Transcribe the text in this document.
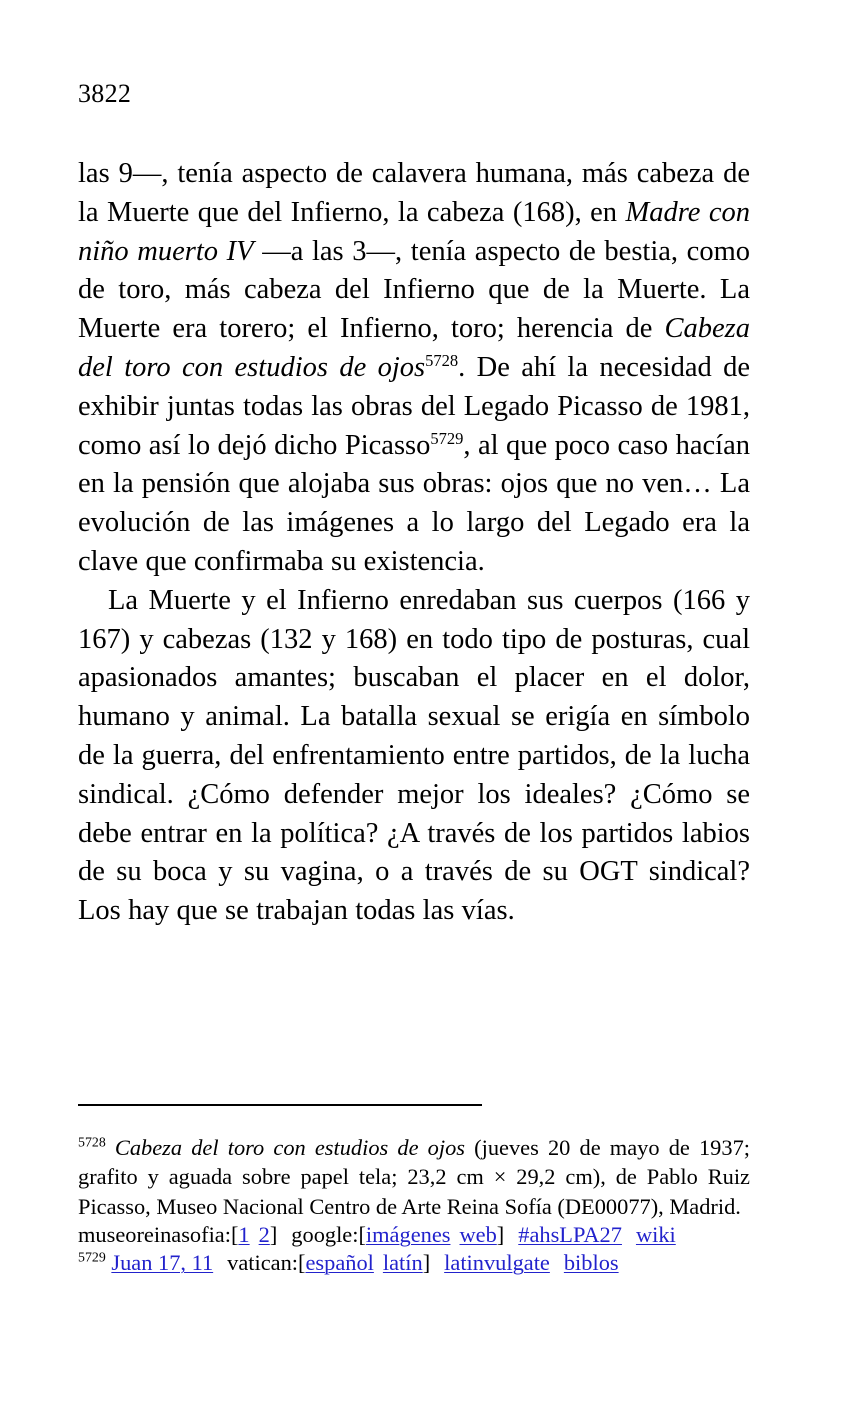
3822

las 9—, tenía aspecto de calavera humana, más cabeza de la Muerte que del Infierno, la cabeza (168), en Madre con niño muerto IV —a las 3—, tenía aspecto de bestia, como de toro, más cabeza del Infierno que de la Muerte. La Muerte era torero; el Infierno, toro; herencia de Cabeza del toro con estudios de ojos$^{5728}$. De ahí la necesidad de exhibir juntas todas las obras del Legado Picasso de 1981, como así lo dejó dicho Picasso$^{5729}$, al que poco caso hacían en la pensión que alojaba sus obras: ojos que no ven… La evolución de las imágenes a lo largo del Legado era la clave que confirmaba su existencia.

La Muerte y el Infierno enredaban sus cuerpos (166 y 167) y cabezas (132 y 168) en todo tipo de posturas, cual apasionados amantes; buscaban el placer en el dolor, humano y animal. La batalla sexual se erigía en símbolo de la guerra, del enfrentamiento entre partidos, de la lucha sindical. ¿Cómo defender mejor los ideales? ¿Cómo se debe entrar en la política? ¿A través de los partidos labios de su boca y su vagina, o a través de su OGT sindical? Los hay que se trabajan todas las vías.

$^{5728}$ Cabeza del toro con estudios de ojos (jueves 20 de mayo de 1937; grafito y aguada sobre papel tela; 23,2 cm × 29,2 cm), de Pablo Ruiz Picasso, Museo Nacional Centro de Arte Reina Sofía (DE00077), Madrid.

museoreinasofia:[1 2] google:[imágenes web] #ahsLPA27 wiki

$^{5729}$ Juan 17, 11 vatican:[español latín] latinvulgate biblos
